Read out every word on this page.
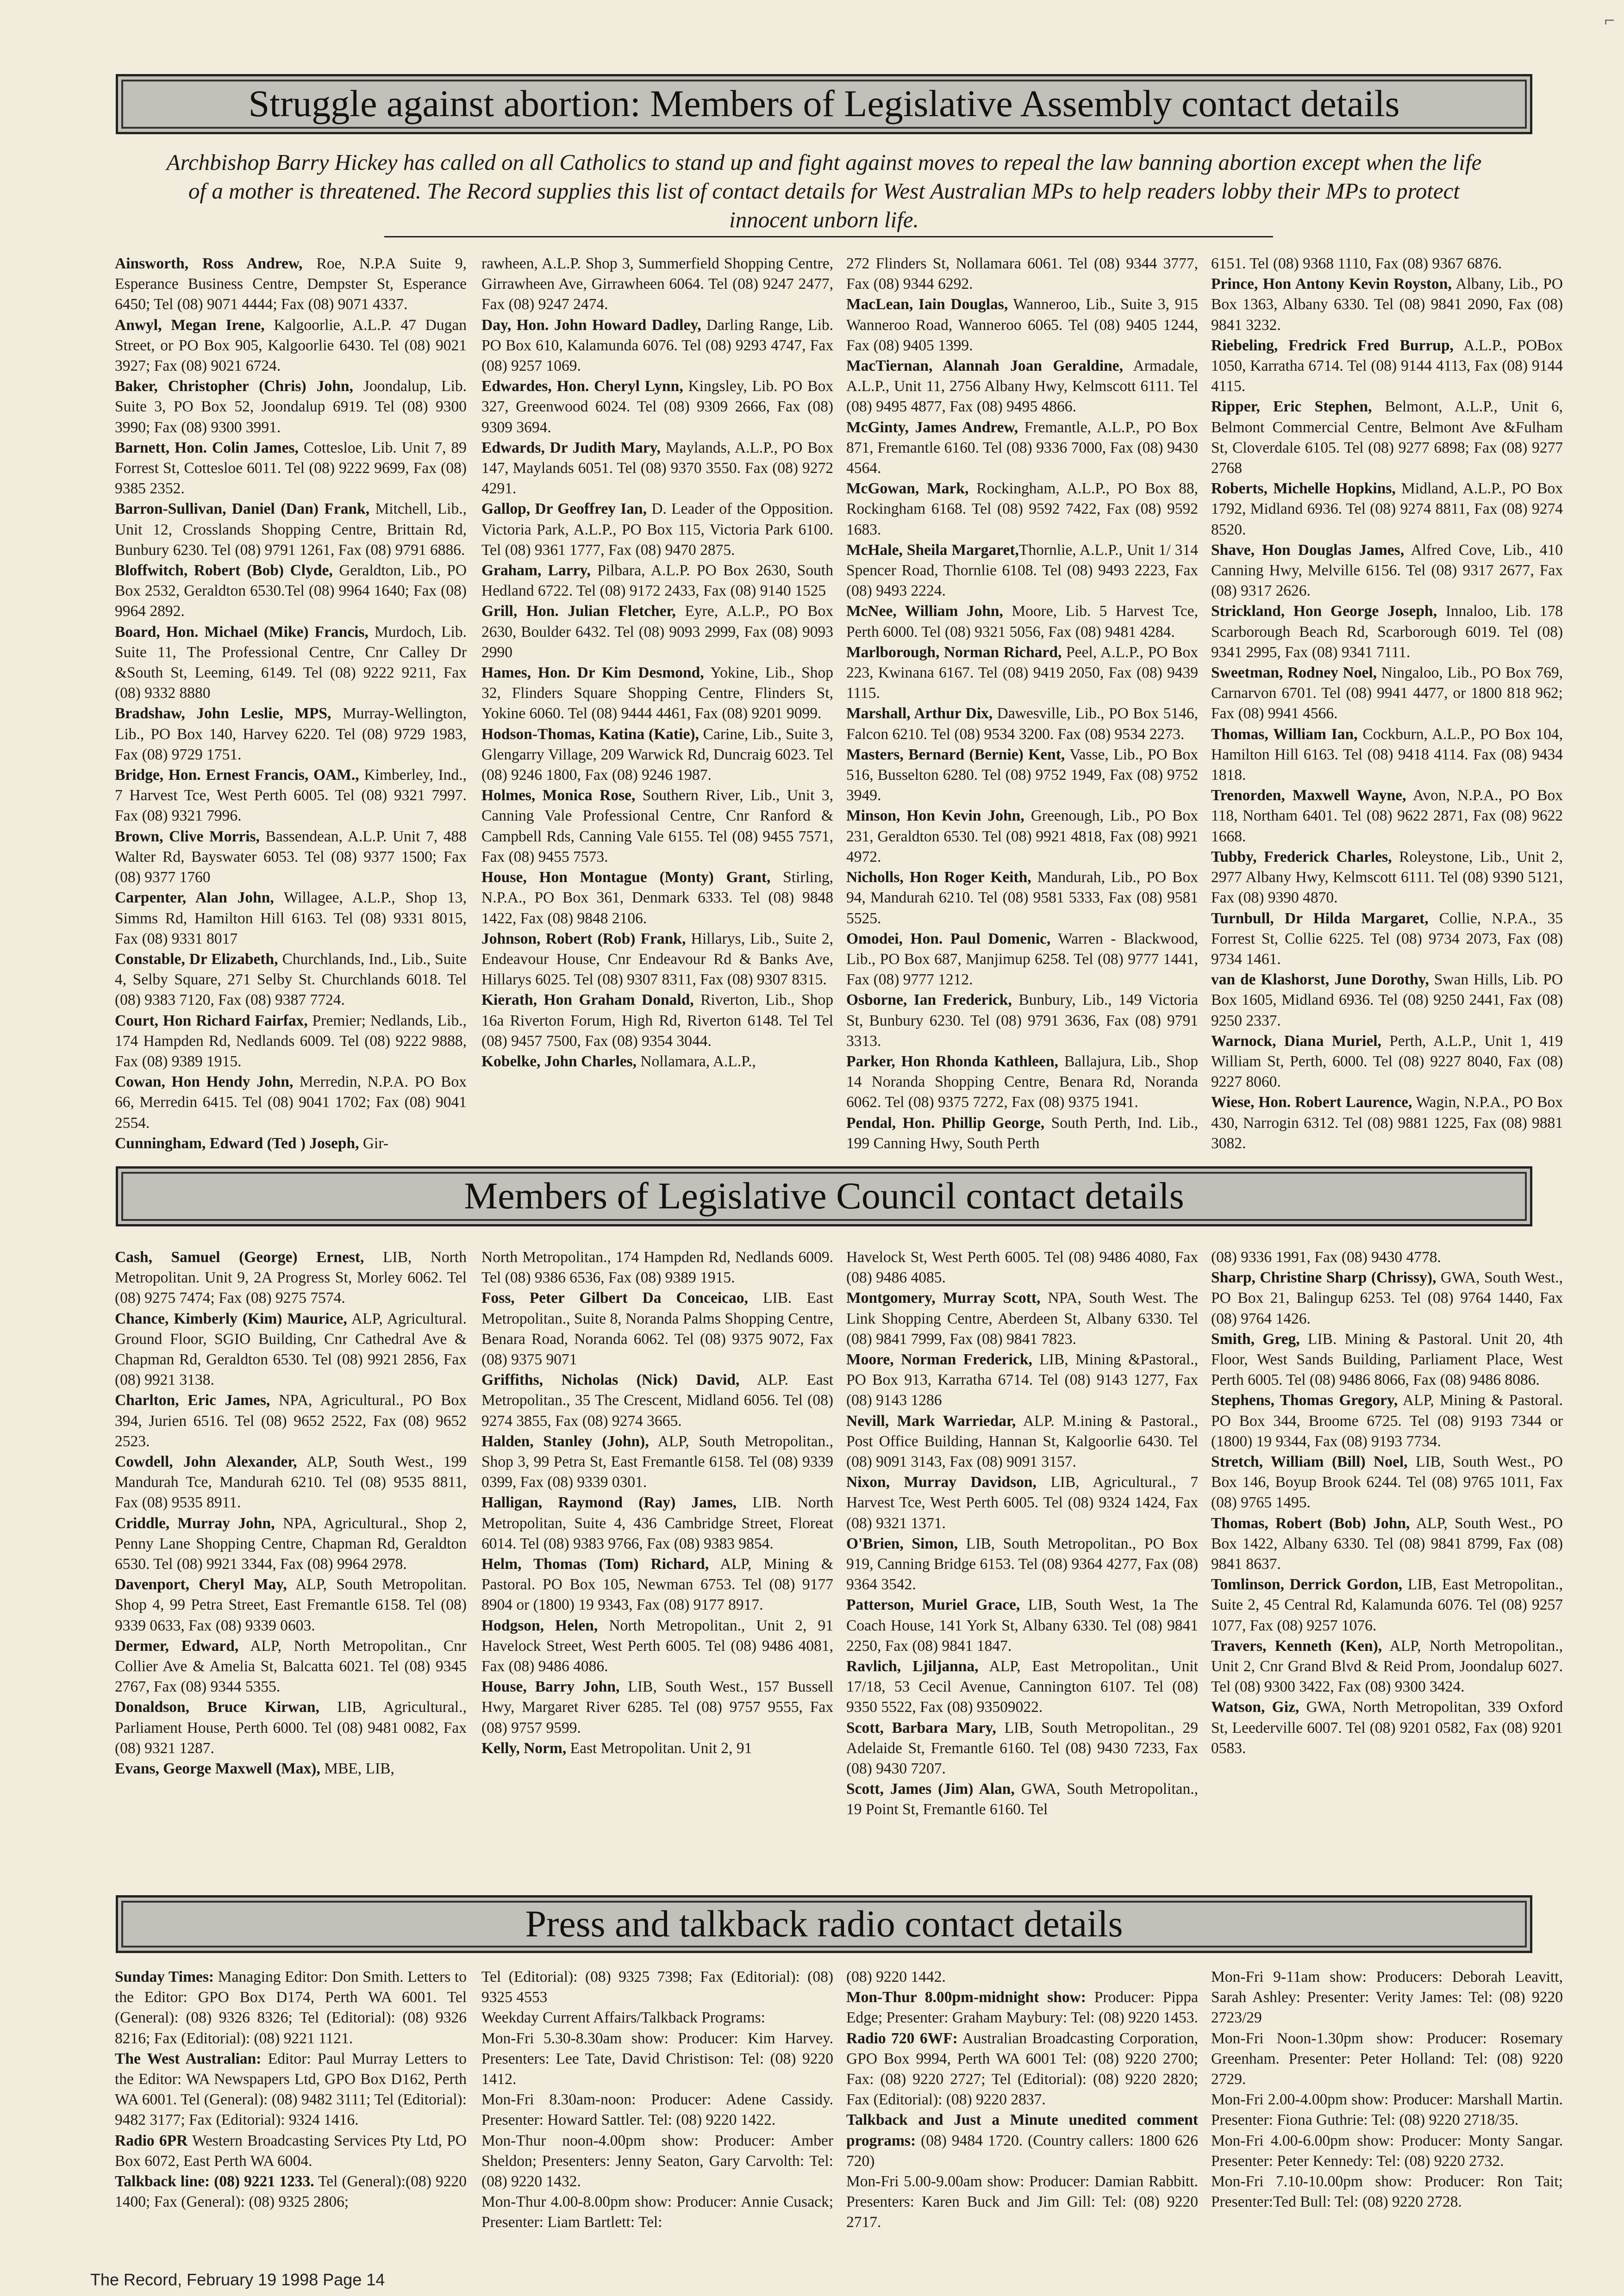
⌐
Struggle against abortion: Members of Legislative Assembly contact details
Archbishop Barry Hickey has called on all Catholics to stand up and fight against moves to repeal the law banning abortion except when the life of a mother is threatened. The Record supplies this list of contact details for West Australian MPs to help readers lobby their MPs to protect innocent unborn life.

Ainsworth, Ross Andrew, Roe, N.P.A Suite 9, Esperance Business Centre, Dempster St, Esperance 6450; Tel (08) 9071 4444; Fax (08) 9071 4337.

Anwyl, Megan Irene, Kalgoorlie, A.L.P. 47 Dugan Street, or PO Box 905, Kalgoorlie 6430. Tel (08) 9021 3927; Fax (08) 9021 6724.

Baker, Christopher (Chris) John, Joondalup, Lib. Suite 3, PO Box 52, Joondalup 6919. Tel (08) 9300 3990; Fax (08) 9300 3991.

Barnett, Hon. Colin James, Cottesloe, Lib. Unit 7, 89 Forrest St, Cottesloe 6011. Tel (08) 9222 9699, Fax (08) 9385 2352.

Barron-Sullivan, Daniel (Dan) Frank, Mitchell, Lib., Unit 12, Crosslands Shopping Centre, Brittain Rd, Bunbury 6230. Tel (08) 9791 1261, Fax (08) 9791 6886.

Bloffwitch, Robert (Bob) Clyde, Geraldton, Lib., PO Box 2532, Geraldton 6530.Tel (08) 9964 1640; Fax (08) 9964 2892.

Board, Hon. Michael (Mike) Francis, Murdoch, Lib. Suite 11, The Professional Centre, Cnr Calley Dr &South St, Leeming, 6149. Tel (08) 9222 9211, Fax (08) 9332 8880

Bradshaw, John Leslie, MPS, Murray-Wellington, Lib., PO Box 140, Harvey 6220. Tel (08) 9729 1983, Fax (08) 9729 1751.

Bridge, Hon. Ernest Francis, OAM., Kimberley, Ind., 7 Harvest Tce, West Perth 6005. Tel (08) 9321 7997. Fax (08) 9321 7996.

Brown, Clive Morris, Bassendean, A.L.P. Unit 7, 488 Walter Rd, Bayswater 6053. Tel (08) 9377 1500; Fax (08) 9377 1760

Carpenter, Alan John, Willagee, A.L.P., Shop 13, Simms Rd, Hamilton Hill 6163. Tel (08) 9331 8015, Fax (08) 9331 8017

Constable, Dr Elizabeth, Churchlands, Ind., Lib., Suite 4, Selby Square, 271 Selby St. Churchlands 6018. Tel (08) 9383 7120, Fax (08) 9387 7724.

Court, Hon Richard Fairfax, Premier; Nedlands, Lib., 174 Hampden Rd, Nedlands 6009. Tel (08) 9222 9888, Fax (08) 9389 1915.

Cowan, Hon Hendy John, Merredin, N.P.A. PO Box 66, Merredin 6415. Tel (08) 9041 1702; Fax (08) 9041 2554.

Cunningham, Edward (Ted ) Joseph, Gir-

rawheen, A.L.P. Shop 3, Summerfield Shopping Centre, Girrawheen Ave, Girrawheen 6064. Tel (08) 9247 2477, Fax (08) 9247 2474.

Day, Hon. John Howard Dadley, Darling Range, Lib. PO Box 610, Kalamunda 6076. Tel (08) 9293 4747, Fax (08) 9257 1069.

Edwardes, Hon. Cheryl Lynn, Kingsley, Lib. PO Box 327, Greenwood 6024. Tel (08) 9309 2666, Fax (08) 9309 3694.

Edwards, Dr Judith Mary, Maylands, A.L.P., PO Box 147, Maylands 6051. Tel (08) 9370 3550. Fax (08) 9272 4291.

Gallop, Dr Geoffrey Ian, D. Leader of the Opposition. Victoria Park, A.L.P., PO Box 115, Victoria Park 6100. Tel (08) 9361 1777, Fax (08) 9470 2875.

Graham, Larry, Pilbara, A.L.P. PO Box 2630, South Hedland 6722. Tel (08) 9172 2433, Fax (08) 9140 1525

Grill, Hon. Julian Fletcher, Eyre, A.L.P., PO Box 2630, Boulder 6432. Tel (08) 9093 2999, Fax (08) 9093 2990

Hames, Hon. Dr Kim Desmond, Yokine, Lib., Shop 32, Flinders Square Shopping Centre, Flinders St, Yokine 6060. Tel (08) 9444 4461, Fax (08) 9201 9099.

Hodson-Thomas, Katina (Katie), Carine, Lib., Suite 3, Glengarry Village, 209 Warwick Rd, Duncraig 6023. Tel (08) 9246 1800, Fax (08) 9246 1987.

Holmes, Monica Rose, Southern River, Lib., Unit 3, Canning Vale Professional Centre, Cnr Ranford & Campbell Rds, Canning Vale 6155. Tel (08) 9455 7571, Fax (08) 9455 7573.

House, Hon Montague (Monty) Grant, Stirling, N.P.A., PO Box 361, Denmark 6333. Tel (08) 9848 1422, Fax (08) 9848 2106.

Johnson, Robert (Rob) Frank, Hillarys, Lib., Suite 2, Endeavour House, Cnr Endeavour Rd & Banks Ave, Hillarys 6025. Tel (08) 9307 8311, Fax (08) 9307 8315.

Kierath, Hon Graham Donald, Riverton, Lib., Shop 16a Riverton Forum, High Rd, Riverton 6148. Tel Tel (08) 9457 7500, Fax (08) 9354 3044.

Kobelke, John Charles, Nollamara, A.L.P.,

272 Flinders St, Nollamara 6061. Tel (08) 9344 3777, Fax (08) 9344 6292.

MacLean, Iain Douglas, Wanneroo, Lib., Suite 3, 915 Wanneroo Road, Wanneroo 6065. Tel (08) 9405 1244, Fax (08) 9405 1399.

MacTiernan, Alannah Joan Geraldine, Armadale, A.L.P., Unit 11, 2756 Albany Hwy, Kelmscott 6111. Tel (08) 9495 4877, Fax (08) 9495 4866.

McGinty, James Andrew, Fremantle, A.L.P., PO Box 871, Fremantle 6160. Tel (08) 9336 7000, Fax (08) 9430 4564.

McGowan, Mark, Rockingham, A.L.P., PO Box 88, Rockingham 6168. Tel (08) 9592 7422, Fax (08) 9592 1683.

McHale, Sheila Margaret,Thornlie, A.L.P., Unit 1/ 314 Spencer Road, Thornlie 6108. Tel (08) 9493 2223, Fax (08) 9493 2224.

McNee, William John, Moore, Lib. 5 Harvest Tce, Perth 6000. Tel (08) 9321 5056, Fax (08) 9481 4284.

Marlborough, Norman Richard, Peel, A.L.P., PO Box 223, Kwinana 6167. Tel (08) 9419 2050, Fax (08) 9439 1115.

Marshall, Arthur Dix, Dawesville, Lib., PO Box 5146, Falcon 6210. Tel (08) 9534 3200. Fax (08) 9534 2273.

Masters, Bernard (Bernie) Kent, Vasse, Lib., PO Box 516, Busselton 6280. Tel (08) 9752 1949, Fax (08) 9752 3949.

Minson, Hon Kevin John, Greenough, Lib., PO Box 231, Geraldton 6530. Tel (08) 9921 4818, Fax (08) 9921 4972.

Nicholls, Hon Roger Keith, Mandurah, Lib., PO Box 94, Mandurah 6210. Tel (08) 9581 5333, Fax (08) 9581 5525.

Omodei, Hon. Paul Domenic, Warren - Blackwood, Lib., PO Box 687, Manjimup 6258. Tel (08) 9777 1441, Fax (08) 9777 1212.

Osborne, Ian Frederick, Bunbury, Lib., 149 Victoria St, Bunbury 6230. Tel (08) 9791 3636, Fax (08) 9791 3313.

Parker, Hon Rhonda Kathleen, Ballajura, Lib., Shop 14 Noranda Shopping Centre, Benara Rd, Noranda 6062. Tel (08) 9375 7272, Fax (08) 9375 1941.

Pendal, Hon. Phillip George, South Perth, Ind. Lib., 199 Canning Hwy, South Perth

6151. Tel (08) 9368 1110, Fax (08) 9367 6876.

Prince, Hon Antony Kevin Royston, Albany, Lib., PO Box 1363, Albany 6330. Tel (08) 9841 2090, Fax (08) 9841 3232.

Riebeling, Fredrick Fred Burrup, A.L.P., POBox 1050, Karratha 6714. Tel (08) 9144 4113, Fax (08) 9144 4115.

Ripper, Eric Stephen, Belmont, A.L.P., Unit 6, Belmont Commercial Centre, Belmont Ave &Fulham St, Cloverdale 6105. Tel (08) 9277 6898; Fax (08) 9277 2768

Roberts, Michelle Hopkins, Midland, A.L.P., PO Box 1792, Midland 6936. Tel (08) 9274 8811, Fax (08) 9274 8520.

Shave, Hon Douglas James, Alfred Cove, Lib., 410 Canning Hwy, Melville 6156. Tel (08) 9317 2677, Fax (08) 9317 2626.

Strickland, Hon George Joseph, Innaloo, Lib. 178 Scarborough Beach Rd, Scarborough 6019. Tel (08) 9341 2995, Fax (08) 9341 7111.

Sweetman, Rodney Noel, Ningaloo, Lib., PO Box 769, Carnarvon 6701. Tel (08) 9941 4477, or 1800 818 962; Fax (08) 9941 4566.

Thomas, William Ian, Cockburn, A.L.P., PO Box 104, Hamilton Hill 6163. Tel (08) 9418 4114. Fax (08) 9434 1818.

Trenorden, Maxwell Wayne, Avon, N.P.A., PO Box 118, Northam 6401. Tel (08) 9622 2871, Fax (08) 9622 1668.

Tubby, Frederick Charles, Roleystone, Lib., Unit 2, 2977 Albany Hwy, Kelmscott 6111. Tel (08) 9390 5121, Fax (08) 9390 4870.

Turnbull, Dr Hilda Margaret, Collie, N.P.A., 35 Forrest St, Collie 6225. Tel (08) 9734 2073, Fax (08) 9734 1461.

van de Klashorst, June Dorothy, Swan Hills, Lib. PO Box 1605, Midland 6936. Tel (08) 9250 2441, Fax (08) 9250 2337.

Warnock, Diana Muriel, Perth, A.L.P., Unit 1, 419 William St, Perth, 6000. Tel (08) 9227 8040, Fax (08) 9227 8060.

Wiese, Hon. Robert Laurence, Wagin, N.P.A., PO Box 430, Narrogin 6312. Tel (08) 9881 1225, Fax (08) 9881 3082.

Members of Legislative Council contact details

Cash, Samuel (George) Ernest, LIB, North Metropolitan. Unit 9, 2A Progress St, Morley 6062. Tel (08) 9275 7474; Fax (08) 9275 7574.

Chance, Kimberly (Kim) Maurice, ALP, Agricultural. Ground Floor, SGIO Building, Cnr Cathedral Ave & Chapman Rd, Geraldton 6530. Tel (08) 9921 2856, Fax (08) 9921 3138.

Charlton, Eric James, NPA, Agricultural., PO Box 394, Jurien 6516. Tel (08) 9652 2522, Fax (08) 9652 2523.

Cowdell, John Alexander, ALP, South West., 199 Mandurah Tce, Mandurah 6210. Tel (08) 9535 8811, Fax (08) 9535 8911.

Criddle, Murray John, NPA, Agricultural., Shop 2, Penny Lane Shopping Centre, Chapman Rd, Geraldton 6530. Tel (08) 9921 3344, Fax (08) 9964 2978.

Davenport, Cheryl May, ALP, South Metropolitan. Shop 4, 99 Petra Street, East Fremantle 6158. Tel (08) 9339 0633, Fax (08) 9339 0603.

Dermer, Edward, ALP, North Metropolitan., Cnr Collier Ave & Amelia St, Balcatta 6021. Tel (08) 9345 2767, Fax (08) 9344 5355.

Donaldson, Bruce Kirwan, LIB, Agricultural., Parliament House, Perth 6000. Tel (08) 9481 0082, Fax (08) 9321 1287.

Evans, George Maxwell (Max), MBE, LIB,

North Metropolitan., 174 Hampden Rd, Nedlands 6009. Tel (08) 9386 6536, Fax (08) 9389 1915.

Foss, Peter Gilbert Da Conceicao, LIB. East Metropolitan., Suite 8, Noranda Palms Shopping Centre, Benara Road, Noranda 6062. Tel (08) 9375 9072, Fax (08) 9375 9071

Griffiths, Nicholas (Nick) David, ALP. East Metropolitan., 35 The Crescent, Midland 6056. Tel (08) 9274 3855, Fax (08) 9274 3665.

Halden, Stanley (John), ALP, South Metropolitan., Shop 3, 99 Petra St, East Fremantle 6158. Tel (08) 9339 0399, Fax (08) 9339 0301.

Halligan, Raymond (Ray) James, LIB. North Metropolitan, Suite 4, 436 Cambridge Street, Floreat 6014. Tel (08) 9383 9766, Fax (08) 9383 9854.

Helm, Thomas (Tom) Richard, ALP, Mining & Pastoral. PO Box 105, Newman 6753. Tel (08) 9177 8904 or (1800) 19 9343, Fax (08) 9177 8917.

Hodgson, Helen, North Metropolitan., Unit 2, 91 Havelock Street, West Perth 6005. Tel (08) 9486 4081, Fax (08) 9486 4086.

House, Barry John, LIB, South West., 157 Bussell Hwy, Margaret River 6285. Tel (08) 9757 9555, Fax (08) 9757 9599.

Kelly, Norm, East Metropolitan. Unit 2, 91

Havelock St, West Perth 6005. Tel (08) 9486 4080, Fax (08) 9486 4085.

Montgomery, Murray Scott, NPA, South West. The Link Shopping Centre, Aberdeen St, Albany 6330. Tel (08) 9841 7999, Fax (08) 9841 7823.

Moore, Norman Frederick, LIB, Mining &Pastoral., PO Box 913, Karratha 6714. Tel (08) 9143 1277, Fax (08) 9143 1286

Nevill, Mark Warriedar, ALP. M.ining & Pastoral., Post Office Building, Hannan St, Kalgoorlie 6430. Tel (08) 9091 3143, Fax (08) 9091 3157.

Nixon, Murray Davidson, LIB, Agricultural., 7 Harvest Tce, West Perth 6005. Tel (08) 9324 1424, Fax (08) 9321 1371.

O'Brien, Simon, LIB, South Metropolitan., PO Box 919, Canning Bridge 6153. Tel (08) 9364 4277, Fax (08) 9364 3542.

Patterson, Muriel Grace, LIB, South West, 1a The Coach House, 141 York St, Albany 6330. Tel (08) 9841 2250, Fax (08) 9841 1847.

Ravlich, Ljiljanna, ALP, East Metropolitan., Unit 17/18, 53 Cecil Avenue, Cannington 6107. Tel (08) 9350 5522, Fax (08) 93509022.

Scott, Barbara Mary, LIB, South Metropolitan., 29 Adelaide St, Fremantle 6160. Tel (08) 9430 7233, Fax (08) 9430 7207.

Scott, James (Jim) Alan, GWA, South Metropolitan., 19 Point St, Fremantle 6160. Tel

(08) 9336 1991, Fax (08) 9430 4778.

Sharp, Christine Sharp (Chrissy), GWA, South West., PO Box 21, Balingup 6253. Tel (08) 9764 1440, Fax (08) 9764 1426.

Smith, Greg, LIB. Mining & Pastoral. Unit 20, 4th Floor, West Sands Building, Parliament Place, West Perth 6005. Tel (08) 9486 8066, Fax (08) 9486 8086.

Stephens, Thomas Gregory, ALP, Mining & Pastoral. PO Box 344, Broome 6725. Tel (08) 9193 7344 or (1800) 19 9344, Fax (08) 9193 7734.

Stretch, William (Bill) Noel, LIB, South West., PO Box 146, Boyup Brook 6244. Tel (08) 9765 1011, Fax (08) 9765 1495.

Thomas, Robert (Bob) John, ALP, South West., PO Box 1422, Albany 6330. Tel (08) 9841 8799, Fax (08) 9841 8637.

Tomlinson, Derrick Gordon, LIB, East Metropolitan., Suite 2, 45 Central Rd, Kalamunda 6076. Tel (08) 9257 1077, Fax (08) 9257 1076.

Travers, Kenneth (Ken), ALP, North Metropolitan., Unit 2, Cnr Grand Blvd & Reid Prom, Joondalup 6027. Tel (08) 9300 3422, Fax (08) 9300 3424.

Watson, Giz, GWA, North Metropolitan, 339 Oxford St, Leederville 6007. Tel (08) 9201 0582, Fax (08) 9201 0583.

Press and talkback radio contact details

Sunday Times: Managing Editor: Don Smith. Letters to the Editor: GPO Box D174, Perth WA 6001. Tel (General): (08) 9326 8326; Tel (Editorial): (08) 9326 8216; Fax (Editorial): (08) 9221 1121.

The West Australian: Editor: Paul Murray Letters to the Editor: WA Newspapers Ltd, GPO Box D162, Perth WA 6001. Tel (General): (08) 9482 3111; Tel (Editorial): 9482 3177; Fax (Editorial): 9324 1416.

Radio 6PR Western Broadcasting Services Pty Ltd, PO Box 6072, East Perth WA 6004.

Talkback line: (08) 9221 1233. Tel (General):(08) 9220 1400; Fax (General): (08) 9325 2806;

Tel (Editorial): (08) 9325 7398; Fax (Editorial): (08) 9325 4553

Weekday Current Affairs/Talkback Programs:

Mon-Fri 5.30-8.30am show: Producer: Kim Harvey. Presenters: Lee Tate, David Christison: Tel: (08) 9220 1412.

Mon-Fri 8.30am-noon: Producer: Adene Cassidy. Presenter: Howard Sattler. Tel: (08) 9220 1422.

Mon-Thur noon-4.00pm show: Producer: Amber Sheldon; Presenters: Jenny Seaton, Gary Carvolth: Tel: (08) 9220 1432.

Mon-Thur 4.00-8.00pm show: Producer: Annie Cusack; Presenter: Liam Bartlett: Tel:

(08) 9220 1442.

Mon-Thur 8.00pm-midnight show: Producer: Pippa Edge; Presenter: Graham Maybury: Tel: (08) 9220 1453.

Radio 720 6WF: Australian Broadcasting Corporation, GPO Box 9994, Perth WA 6001 Tel: (08) 9220 2700; Fax: (08) 9220 2727; Tel (Editorial): (08) 9220 2820; Fax (Editorial): (08) 9220 2837.

Talkback and Just a Minute unedited comment programs: (08) 9484 1720. (Country callers: 1800 626 720)

Mon-Fri 5.00-9.00am show: Producer: Damian Rabbitt. Presenters: Karen Buck and Jim Gill: Tel: (08) 9220 2717.

Mon-Fri 9-11am show: Producers: Deborah Leavitt, Sarah Ashley: Presenter: Verity James: Tel: (08) 9220 2723/29

Mon-Fri Noon-1.30pm show: Producer: Rosemary Greenham. Presenter: Peter Holland: Tel: (08) 9220 2729.

Mon-Fri 2.00-4.00pm show: Producer: Marshall Martin. Presenter: Fiona Guthrie: Tel: (08) 9220 2718/35.

Mon-Fri 4.00-6.00pm show: Producer: Monty Sangar. Presenter: Peter Kennedy: Tel: (08) 9220 2732.

Mon-Fri 7.10-10.00pm show: Producer: Ron Tait; Presenter:Ted Bull: Tel: (08) 9220 2728.

The Record, February 19 1998 Page 14
